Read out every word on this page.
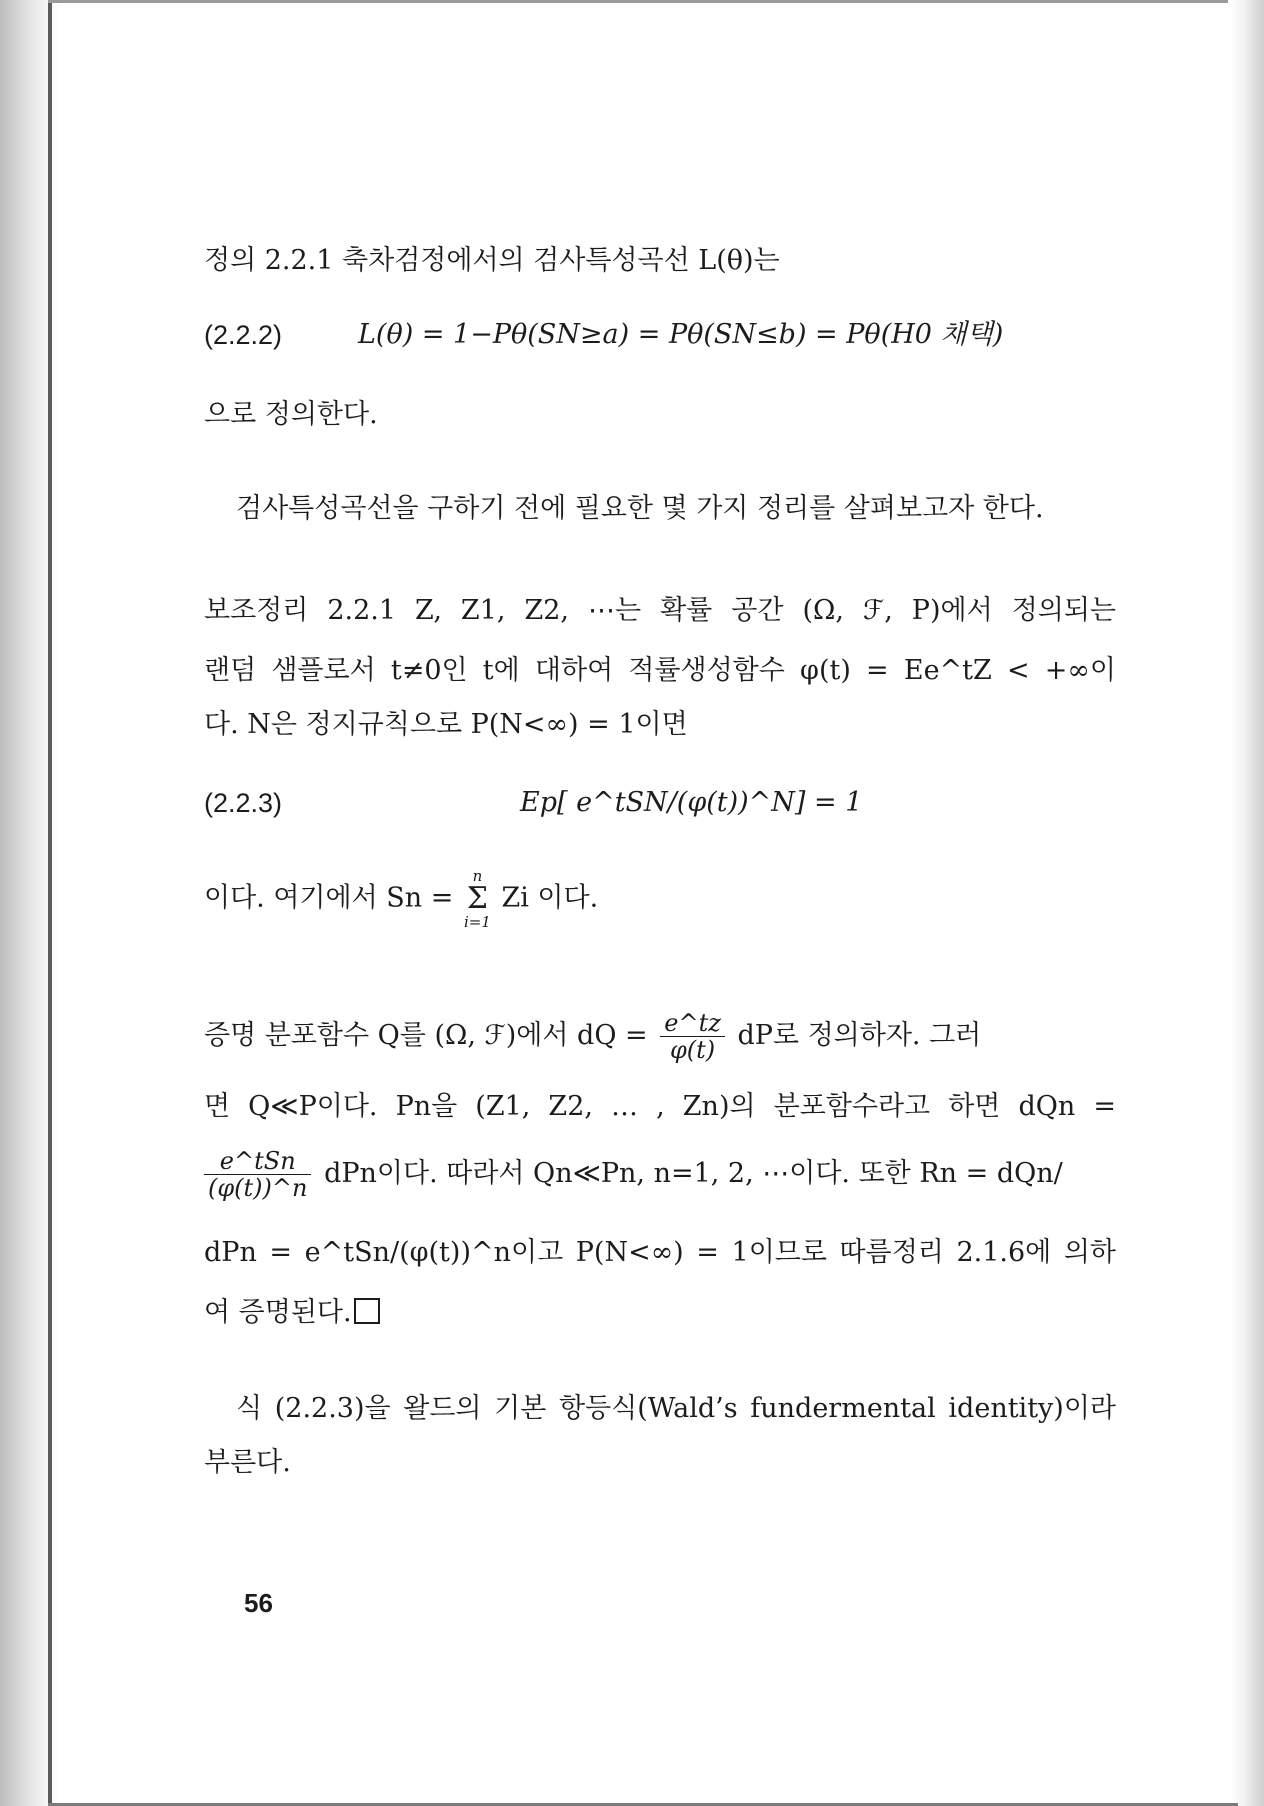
정의 2.2.1 축차검정에서의 검사특성곡선 L(θ)는
(2.2.2)	L(θ) = 1−Pθ(SN≥a) = Pθ(SN≤b) = Pθ(H0 채택)
으로 정의한다.
검사특성곡선을 구하기 전에 필요한 몇 가지 정리를 살펴보고자 한다.
보조정리 2.2.1 Z, Z1, Z2, ⋯는 확률 공간 (Ω, ℱ, P)에서 정의되는
랜덤 샘플로서 t≠0인 t에 대하여 적률생성함수 φ(t) = Ee^tZ < +∞이
다. N은 정지규칙으로 P(N<∞) = 1이면
(2.2.3)	Ep[ e^tSN/(φ(t))^N] = 1
이다. 여기에서 Sn =
n
Σ
i=1
Zi 이다.
증명 분포함수 Q를 (Ω, ℱ)에서 dQ = $\frac{e\^{}tz}{\varphi(t)}$ dP로 정의하자. 그러
면 Q≪P이다. Pn을 (Z1, Z2, … , Zn)의 분포함수라고 하면 dQn =
$\frac{\text{e\textasciicircum{}tSn}}{(\varphi(t))\^{}n}$ dPn이다. 따라서 Qn≪Pn, n=1, 2, ⋯이다. 또한 Rn = dQn/
dPn = e^tSn/(φ(t))^n이고 P(N<∞) = 1이므로 따름정리 2.1.6에 의하
여 증명된다.
식 (2.2.3)을 왈드의 기본 항등식(Wald’s fundermental identity)이라
부른다.
56
